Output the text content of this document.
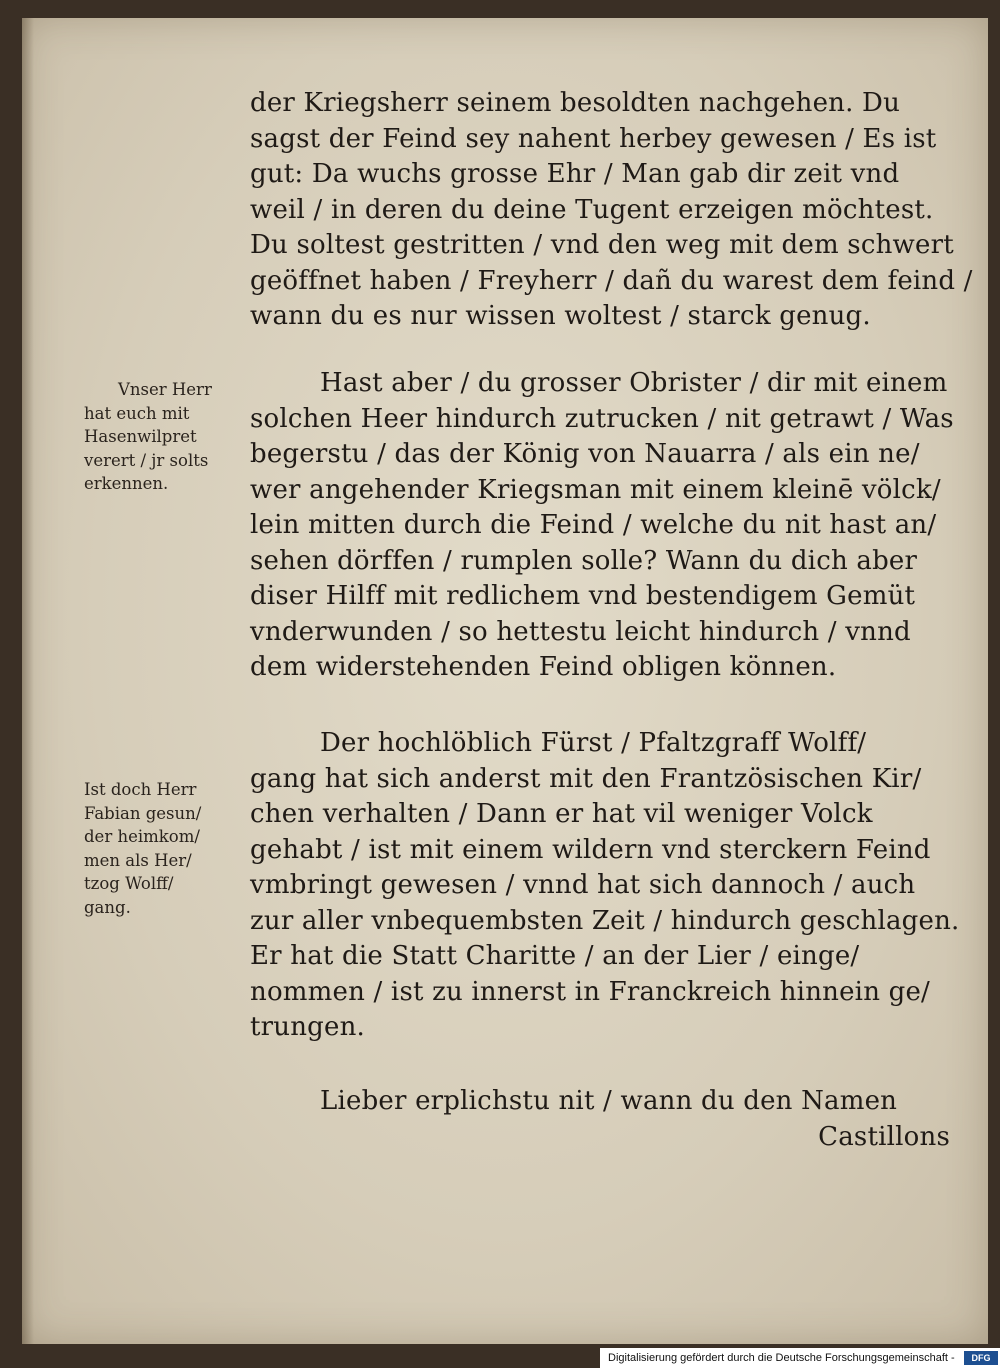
der Kriegsherr seinem besoldten nachgehen. Du
sagst der Feind sey nahent herbey gewesen / Es ist
gut: Da wuchs grosse Ehr / Man gab dir zeit vnd
weil / in deren du deine Tugent erzeigen möchtest.
Du soltest gestritten / vnd den weg mit dem schwert
geöffnet haben / Freyherr / dañ du warest dem feind /
wann du es nur wissen woltest / starck genug.
Hast aber / du grosser Obrister / dir mit einem
solchen Heer hindurch zutrucken / nit getrawt / Was
begerstu / das der König von Nauarra / als ein ne/
wer angehender Kriegsman mit einem kleinē völck/
lein mitten durch die Feind / welche du nit hast an/
sehen dörffen / rumplen solle? Wann du dich aber
diser Hilff mit redlichem vnd bestendigem Gemüt
vnderwunden / so hettestu leicht hindurch / vnnd
dem widerstehenden Feind obligen können.
Der hochlöblich Fürst / Pfaltzgraff Wolff/
gang hat sich anderst mit den Frantzösischen Kir/
chen verhalten / Dann er hat vil weniger Volck
gehabt / ist mit einem wildern vnd sterckern Feind
vmbringt gewesen / vnnd hat sich dannoch / auch
zur aller vnbequembsten Zeit / hindurch geschlagen.
Er hat die Statt Charitte / an der Lier / einge/
nommen / ist zu innerst in Franckreich hinnein ge/
trungen.
Lieber erplichstu nit / wann du den Namen
Castillons
Vnser Herr
hat euch mit
Hasenwilpret
verert / jr solts
erkennen.
Ist doch Herr
Fabian gesun/
der heimkom/
men als Her/
tzog Wolff/
gang.
Digitalisierung gefördert durch die Deutsche Forschungsgemeinschaft -	DFG
